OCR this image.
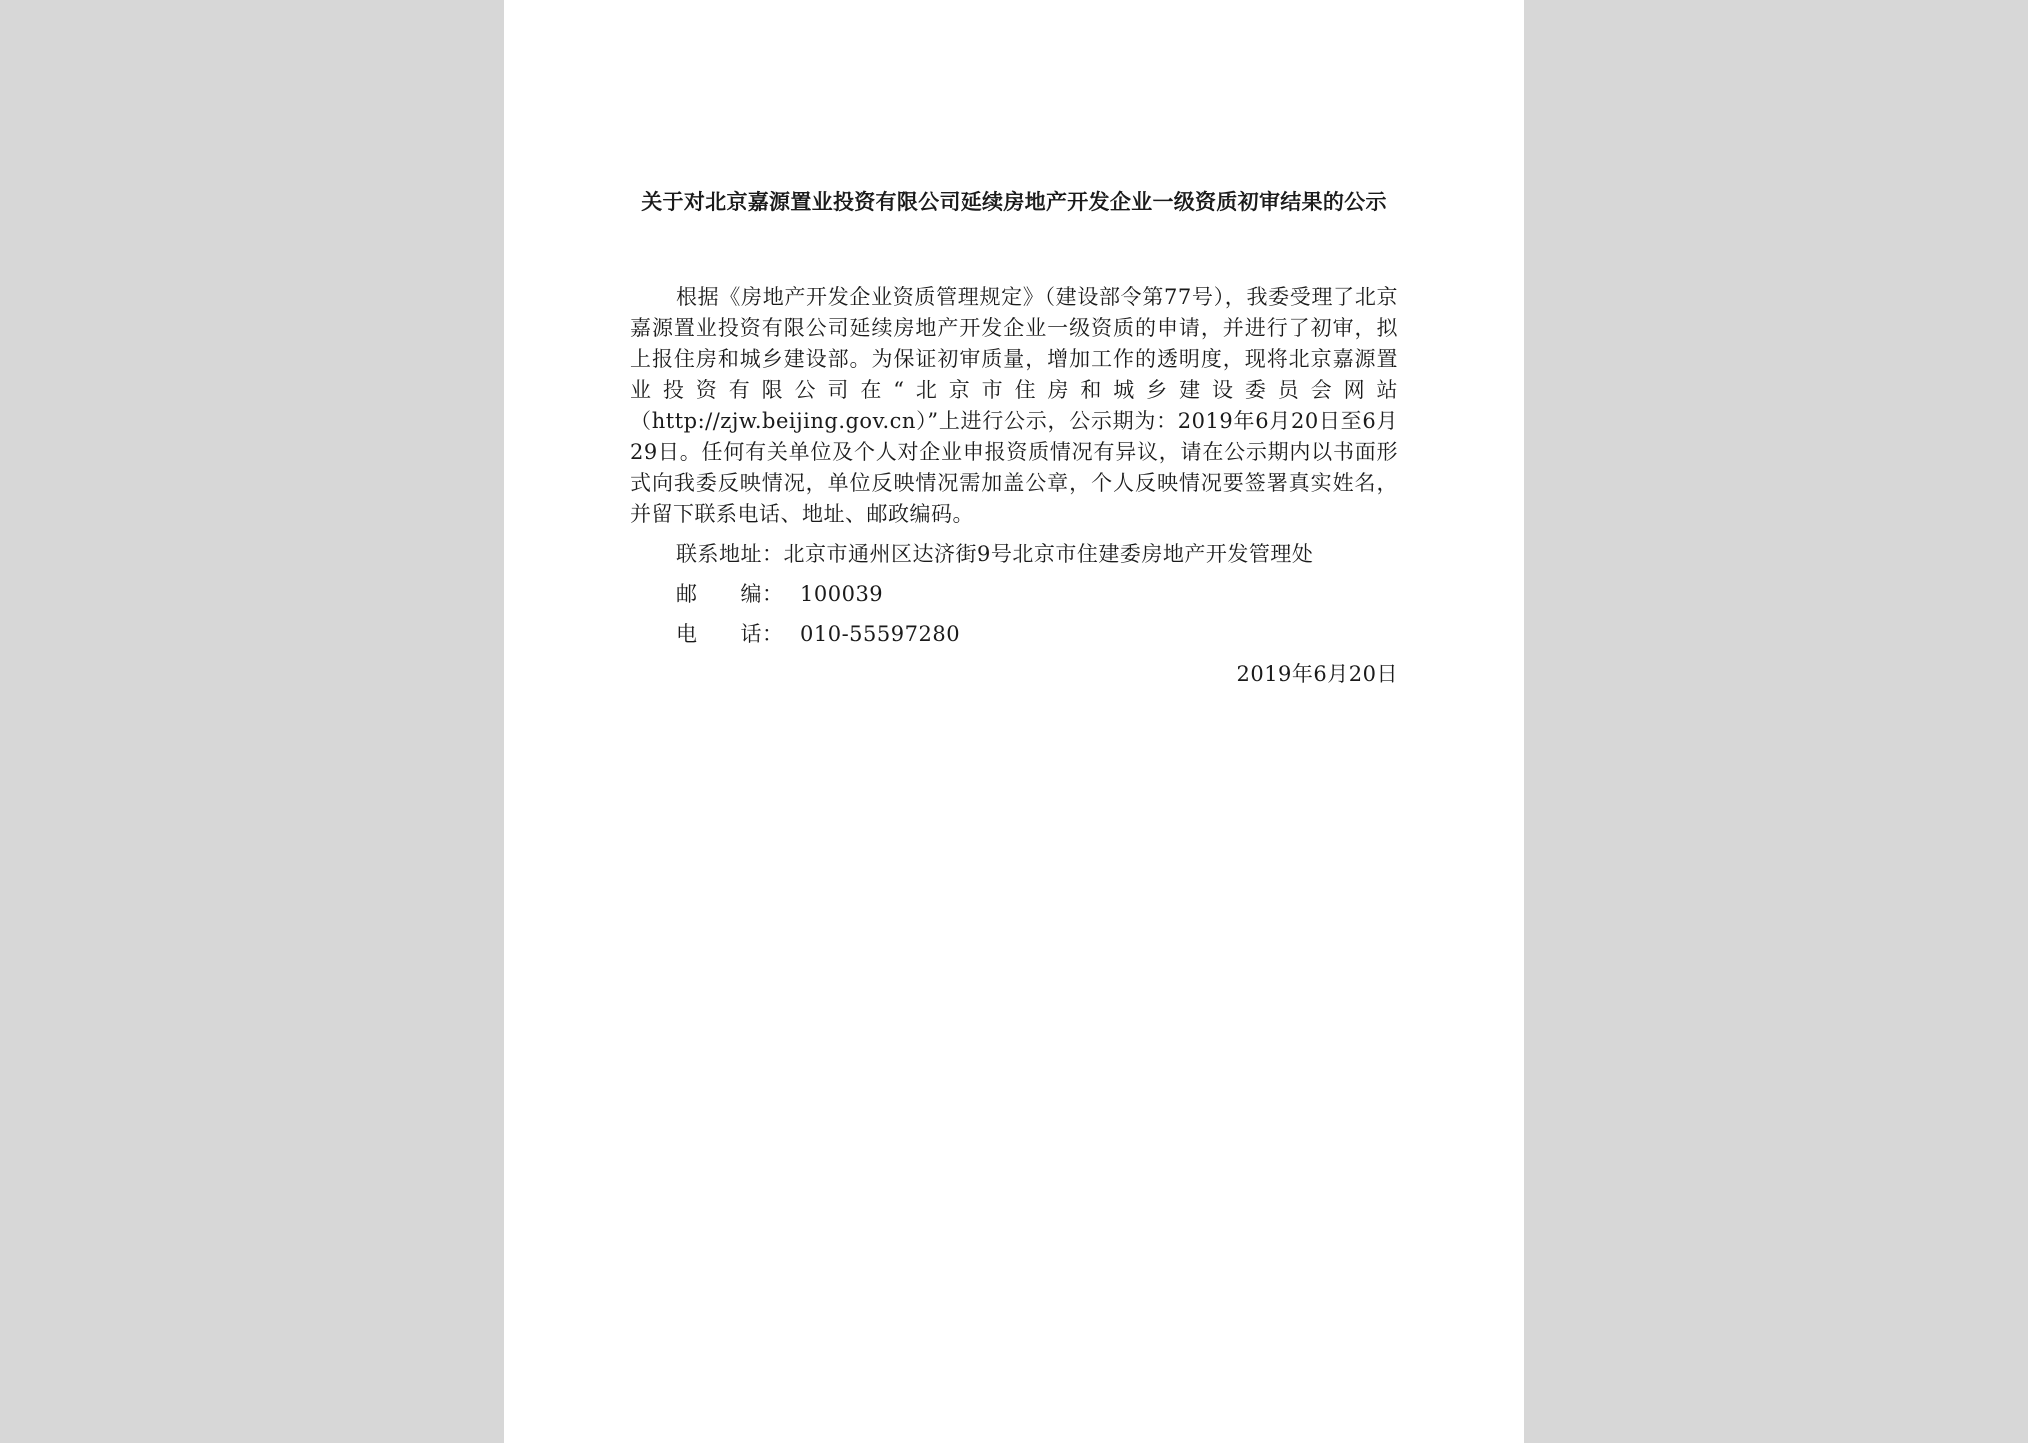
关于对北京嘉源置业投资有限公司延续房地产开发企业一级资质初审结果的公示

根据《房地产开发企业资质管理规定》（建设部令第77号），我委受理了北京嘉源置业投资有限公司延续房地产开发企业一级资质的申请，并进行了初审，拟上报住房和城乡建设部。为保证初审质量，增加工作的透明度，现将北京嘉源置业投资有限公司在“北京市住房和城乡建设委员会网站（http://zjw.beijing.gov.cn）”上进行公示，公示期为：2019年6月20日至6月29日。任何有关单位及个人对企业申报资质情况有异议，请在公示期内以书面形式向我委反映情况，单位反映情况需加盖公章，个人反映情况要签署真实姓名，并留下联系电话、地址、邮政编码。

联系地址：北京市通州区达济街9号北京市住建委房地产开发管理处
邮　　编： 100039
电　　话： 010-55597280
2019年6月20日
